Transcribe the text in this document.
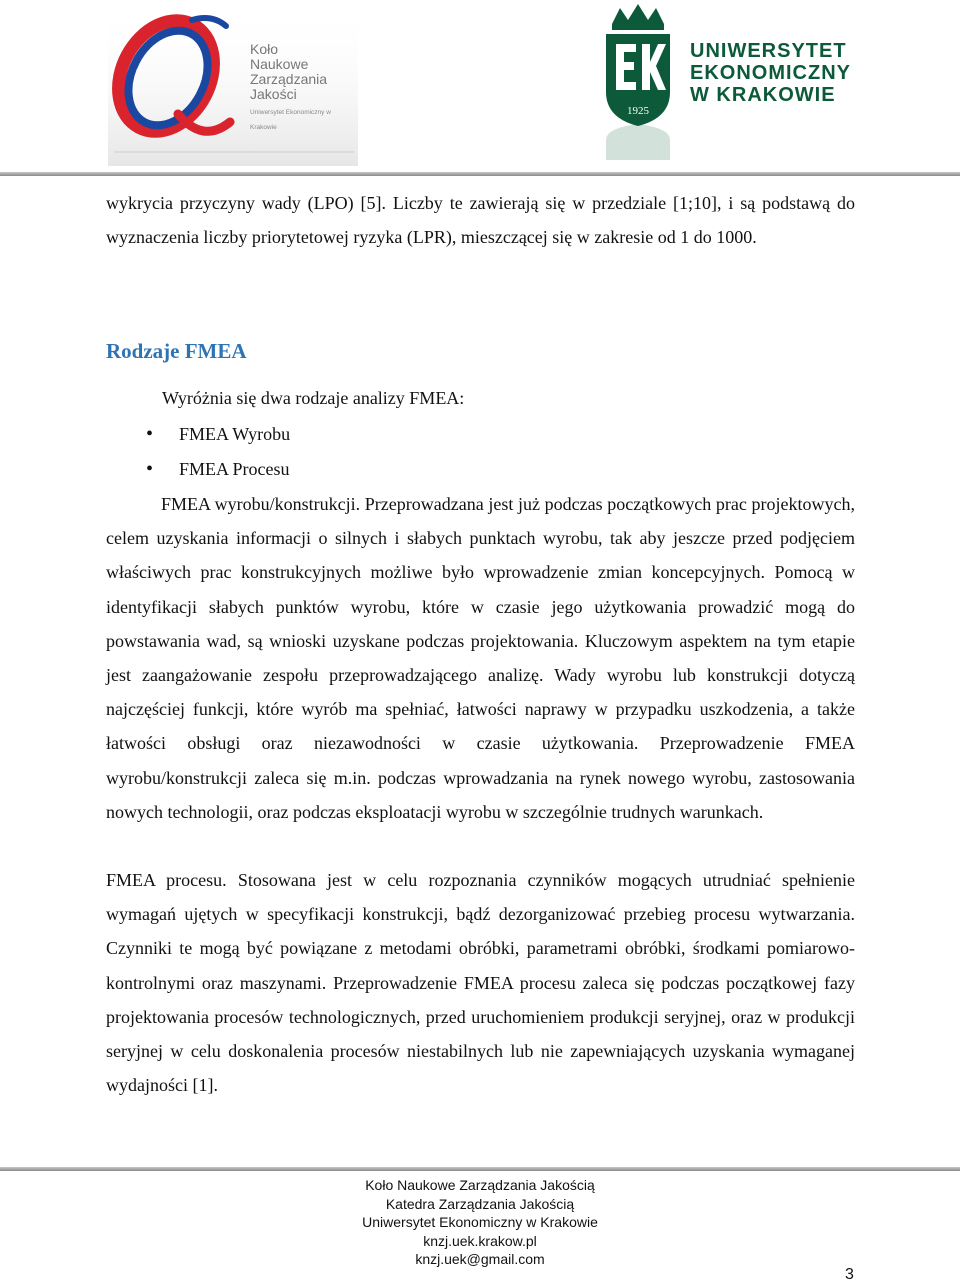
Koło
Naukowe
Zarządzania
Jakości
Uniwersytet Ekonomiczny w Krakowie
1925
UNIWERSYTET
EKONOMICZNY
W KRAKOWIE

wykrycia przyczyny wady (LPO) [5]. Liczby te zawierają się w przedziale [1;10], i są podstawą do wyznaczenia liczby priorytetowej ryzyka (LPR), mieszczącej się w zakresie od 1 do 1000.

Rodzaje FMEA

Wyróżnia się dwa rodzaje analizy FMEA:

• FMEA Wyrobu
• FMEA Procesu

FMEA wyrobu/konstrukcji. Przeprowadzana jest już podczas początkowych prac projektowych, celem uzyskania informacji o silnych i słabych punktach wyrobu, tak aby jeszcze przed podjęciem właściwych prac konstrukcyjnych możliwe było wprowadzenie zmian koncepcyjnych. Pomocą w identyfikacji słabych punktów wyrobu, które w czasie jego użytkowania prowadzić mogą do powstawania wad, są wnioski uzyskane podczas projektowania. Kluczowym aspektem na tym etapie jest zaangażowanie zespołu przeprowadzającego analizę. Wady wyrobu lub konstrukcji dotyczą najczęściej funkcji, które wyrób ma spełniać, łatwości naprawy w przypadku uszkodzenia, a także łatwości obsługi oraz niezawodności w czasie użytkowania. Przeprowadzenie FMEA wyrobu/konstrukcji zaleca się m.in. podczas wprowadzania na rynek nowego wyrobu, zastosowania nowych technologii, oraz podczas eksploatacji wyrobu w szczególnie trudnych warunkach.

FMEA procesu. Stosowana jest w celu rozpoznania czynników mogących utrudniać spełnienie wymagań ujętych w specyfikacji konstrukcji, bądź dezorganizować przebieg procesu wytwarzania. Czynniki te mogą być powiązane z metodami obróbki, parametrami obróbki, środkami pomiarowo-kontrolnymi oraz maszynami. Przeprowadzenie FMEA procesu zaleca się podczas początkowej fazy projektowania procesów technologicznych, przed uruchomieniem produkcji seryjnej, oraz w produkcji seryjnej w celu doskonalenia procesów niestabilnych lub nie zapewniających uzyskania wymaganej wydajności [1].

Koło Naukowe Zarządzania Jakością
Katedra Zarządzania Jakością
Uniwersytet Ekonomiczny w Krakowie
knzj.uek.krakow.pl
knzj.uek@gmail.com
3
